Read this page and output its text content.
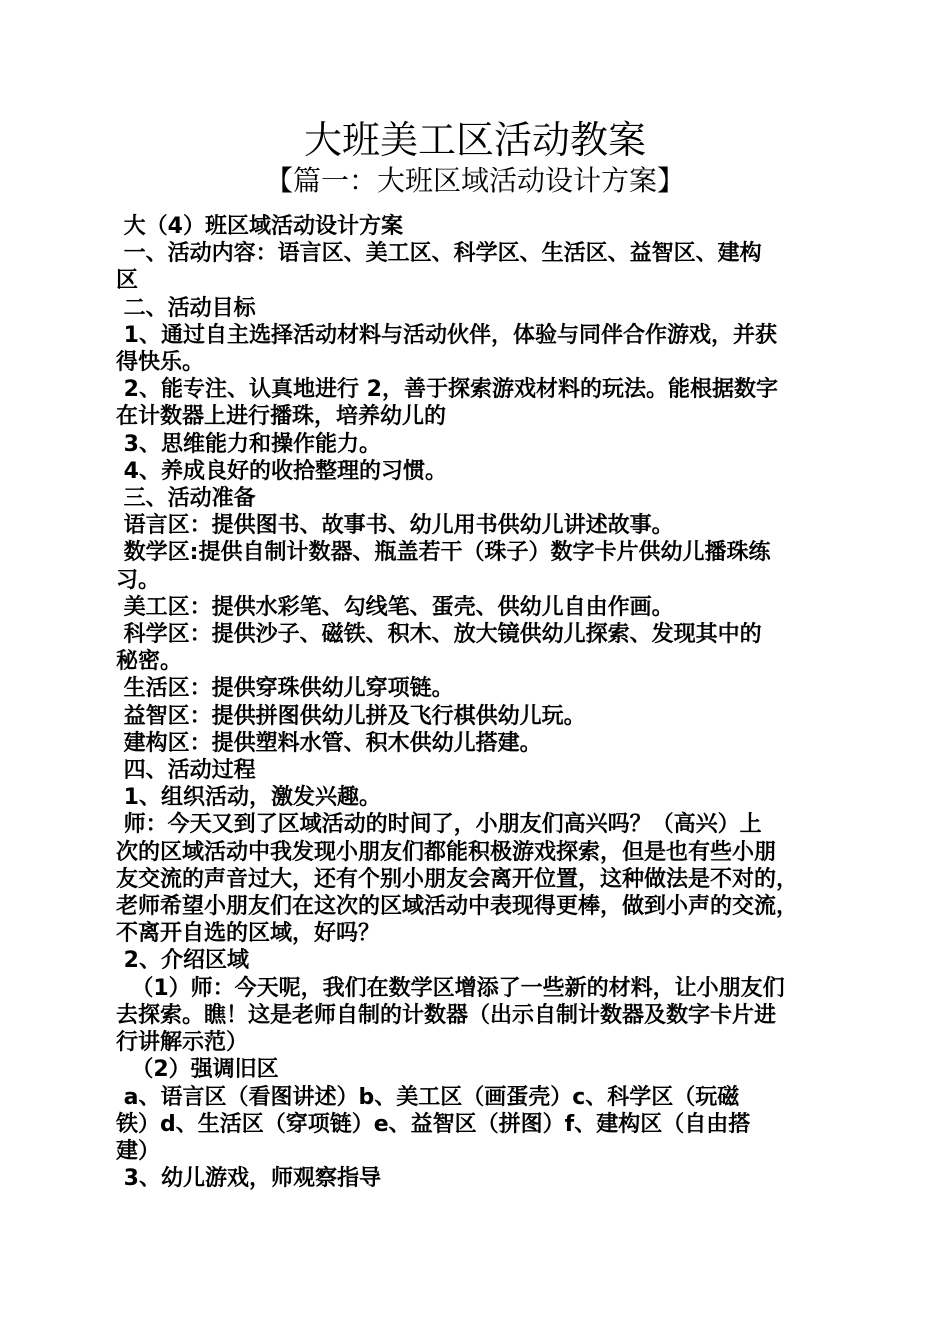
大班美工区活动教案
【篇一：大班区域活动设计方案】

大（4）班区域活动设计方案

一、活动内容：语言区、美工区、科学区、生活区、益智区、建构

区

二、活动目标

1、通过自主选择活动材料与活动伙伴，体验与同伴合作游戏，并获

得快乐。

2、能专注、认真地进行 2，善于探索游戏材料的玩法。能根据数字

在计数器上进行播珠，培养幼儿的

3、思维能力和操作能力。

4、养成良好的收拾整理的习惯。

三、活动准备

语言区：提供图书、故事书、幼儿用书供幼儿讲述故事。

数学区:提供自制计数器、瓶盖若干（珠子）数字卡片供幼儿播珠练

习。

美工区：提供水彩笔、勾线笔、蛋壳、供幼儿自由作画。

科学区：提供沙子、磁铁、积木、放大镜供幼儿探索、发现其中的

秘密。

生活区：提供穿珠供幼儿穿项链。

益智区：提供拼图供幼儿拼及飞行棋供幼儿玩。

建构区：提供塑料水管、积木供幼儿搭建。

四、活动过程

1、组织活动，激发兴趣。

师：今天又到了区域活动的时间了，小朋友们高兴吗？（高兴）上

次的区域活动中我发现小朋友们都能积极游戏探索，但是也有些小朋

友交流的声音过大，还有个别小朋友会离开位置，这种做法是不对的，

老师希望小朋友们在这次的区域活动中表现得更棒，做到小声的交流，

不离开自选的区域，好吗？

2、介绍区域

（1）师：今天呢，我们在数学区增添了一些新的材料，让小朋友们

去探索。瞧！这是老师自制的计数器（出示自制计数器及数字卡片进

行讲解示范）

（2）强调旧区

a、语言区（看图讲述）b、美工区（画蛋壳）c、科学区（玩磁

铁）d、生活区（穿项链）e、益智区（拼图）f、建构区（自由搭

建）

3、幼儿游戏，师观察指导
